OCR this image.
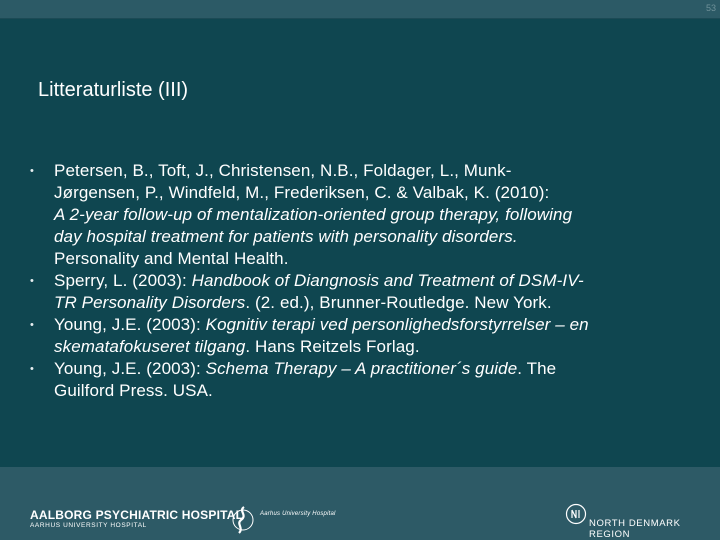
53
Litteraturliste (III)
• Petersen, B., Toft, J., Christensen, N.B., Foldager, L., Munk-
Jørgensen, P., Windfeld, M., Frederiksen, C. & Valbak, K. (2010):
A 2-year follow-up of mentalization-oriented group therapy, following
day hospital treatment for patients with personality disorders.
Personality and Mental Health.
• Sperry, L. (2003): Handbook of Diangnosis and Treatment of DSM-IV-
TR Personality Disorders. (2. ed.), Brunner-Routledge. New York.
• Young, J.E. (2003): Kognitiv terapi ved personlighedsforstyrrelser – en
skematafokuseret tilgang. Hans Reitzels Forlag.
• Young, J.E. (2003): Schema Therapy – A practitioner´s guide. The
Guilford Press. USA.
AALBORG PSYCHIATRIC HOSPITAL
AARHUS UNIVERSITY HOSPITAL
Aarhus University Hospital
NORTH DENMARK REGION
